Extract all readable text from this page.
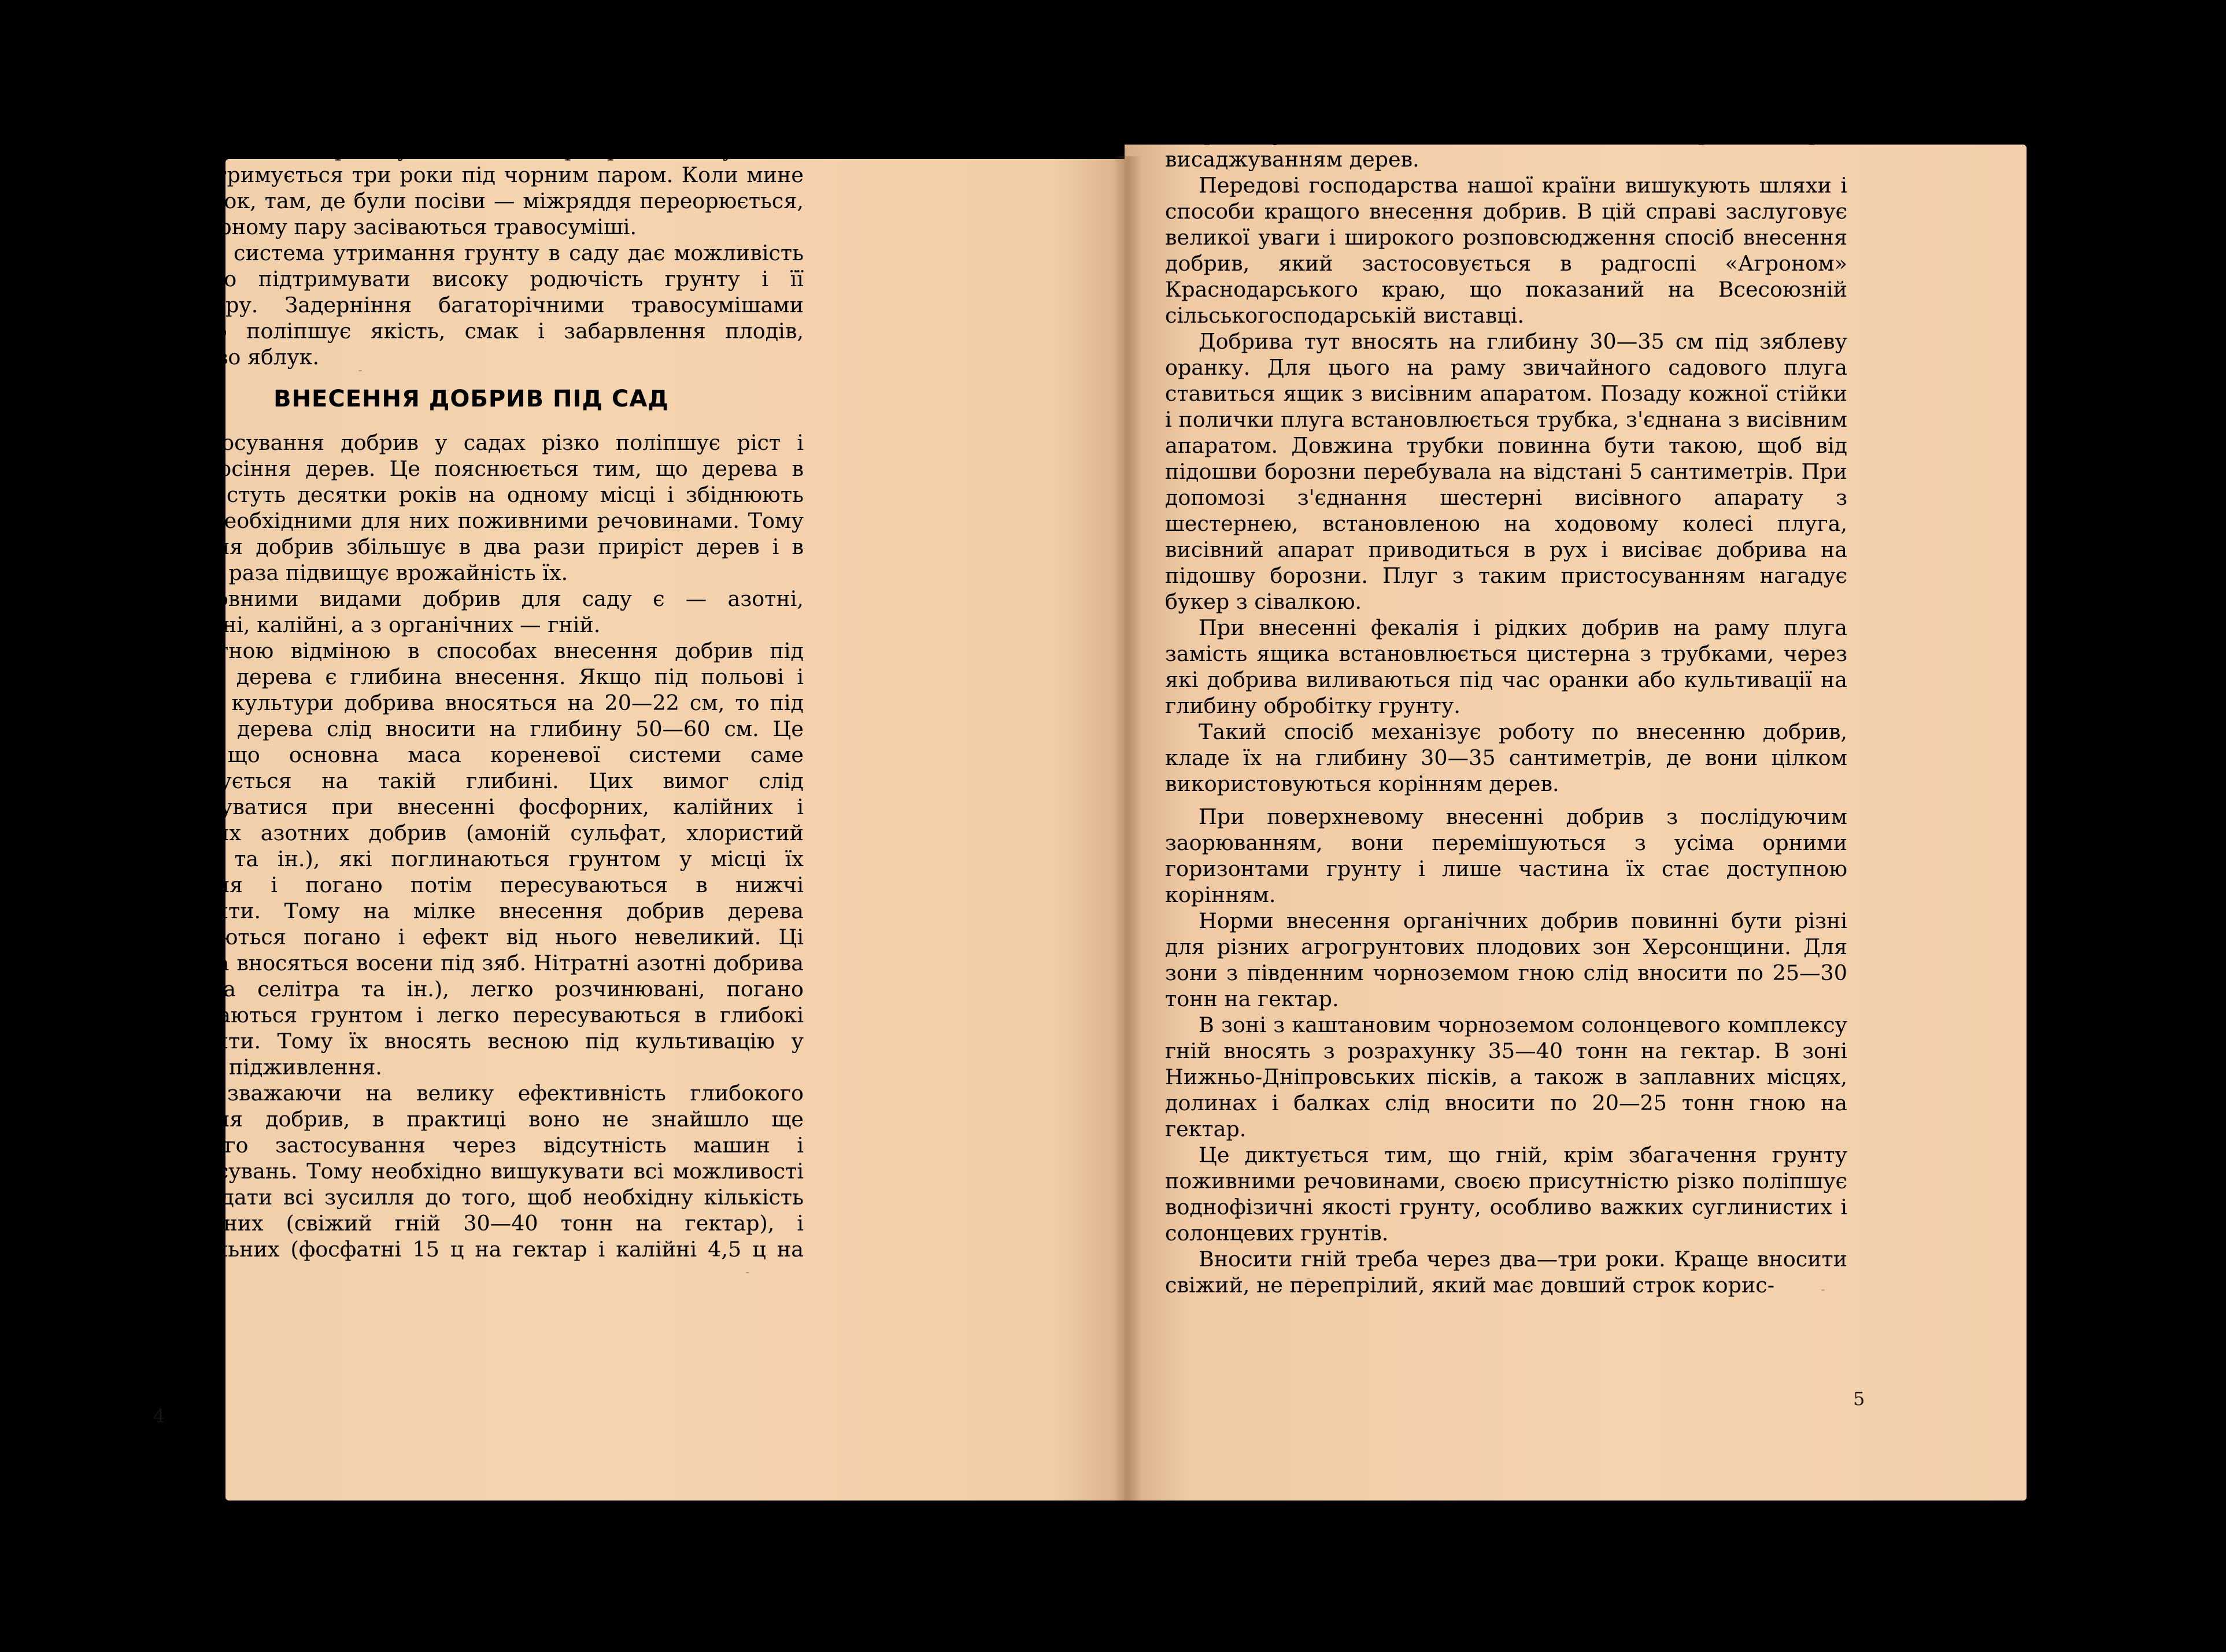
дя засівається травосумішами на три роки, а суміжне йому утримується три роки під чорним паром. Коли мине цей строк, там, де були посіви — міжряддя переорюється, а по чорному пару засіваються травосуміші.

Така система утримання грунту в саду дає можливість постійно підтримувати високу родючість грунту і її структуру. Задерніння багаторічними травосумішами помітно поліпшує якість, смак і забарвлення плодів, особливо яблук.

ВНЕСЕННЯ ДОБРИВ ПІД САД

Застосування добрив у садах різко поліпшує ріст і плодоносіння дерев. Це пояснюється тим, що дерева в саду ростуть десятки років на одному місці і збіднюють грунт необхідними для них поживними речовинами. Тому внесення добрив збільшує в два рази приріст дерев і в півтора раза підвищує врожайність їх.

Основними видами добрив для саду є — азотні, фосфорні, калійні, а з органічних — гній.

Істотною відміною в способах внесення добрив під плодові дерева є глибина внесення. Якщо під польові і овочеві культури добрива вносяться на 20—22 см, то під плодові дерева слід вносити на глибину 50—60 см. Це тому, що основна маса кореневої системи саме розміщується на такій глибині. Цих вимог слід дотримуватися при внесенні фосфорних, калійних і аміачних азотних добрив (амоній сульфат, хлористий амоній та ін.), які поглинаються грунтом у місці їх внесення і погано потім пересуваються в нижчі горизонти. Тому на мілке внесення добрив дерева відгукуються погано і ефект від нього невеликий. Ці добрива вносяться восени під зяб. Нітратні азотні добрива (аміачна селітра та ін.), легко розчинювані, погано поглинаються грунтом і легко пересуваються в глибокі горизонти. Тому їх вносять весною під культивацію у вигляді підживлення.

Не зважаючи на велику ефективність глибокого внесення добрив, в практиці воно не знайшло ще широкого застосування через відсутність машин і пристосувань. Тому необхідно вишукувати всі можливості і докладати всі зусилля до того, щоб необхідну кількість органічних (свіжий гній 30—40 тонн на гектар), і мінеральних (фосфатні 15 ц на гектар і калійні 4,5 ц на гектар)

добрив було внесено під час плантажної оранки перед висаджуванням дерев.

Передові господарства нашої країни вишукують шляхи і способи кращого внесення добрив. В цій справі заслуговує великої уваги і широкого розповсюдження спосіб внесення добрив, який застосовується в радгоспі «Агроном» Краснодарського краю, що показаний на Всесоюзній сільськогосподарській виставці.

Добрива тут вносять на глибину 30—35 см під зяблеву оранку. Для цього на раму звичайного садового плуга ставиться ящик з висівним апаратом. Позаду кожної стійки і полички плуга встановлюється трубка, з'єднана з висівним апаратом. Довжина трубки повинна бути такою, щоб від підошви борозни перебувала на відстані 5 сантиметрів. При допомозі з'єднання шестерні висівного апарату з шестернею, встановленою на ходовому колесі плуга, висівний апарат приводиться в рух і висіває добрива на підошву борозни. Плуг з таким пристосуванням нагадує букер з сівалкою.

При внесенні фекалія і рідких добрив на раму плуга замість ящика встановлюється цистерна з трубками, через які добрива виливаються під час оранки або культивації на глибину обробітку грунту.

Такий спосіб механізує роботу по внесенню добрив, кладе їх на глибину 30—35 сантиметрів, де вони цілком використовуються корінням дерев.

При поверхневому внесенні добрив з послідуючим заорюванням, вони перемішуються з усіма орними горизонтами грунту і лише частина їх стає доступною корінням.

Норми внесення органічних добрив повинні бути різні для різних агрогрунтових плодових зон Херсонщини. Для зони з південним чорноземом гною слід вносити по 25—30 тонн на гектар.

В зоні з каштановим чорноземом солонцевого комплексу гній вносять з розрахунку 35—40 тонн на гектар. В зоні Нижньо-Дніпровських пісків, а також в заплавних місцях, долинах і балках слід вносити по 20—25 тонн гною на гектар.

Це диктується тим, що гній, крім збагачення грунту поживними речовинами, своєю присутністю різко поліпшує воднофізичні якості грунту, особливо важких суглинистих і солонцевих грунтів.

Вносити гній треба через два—три роки. Краще вносити свіжий, не перепрілий, який має довший строк корис-

4
5
